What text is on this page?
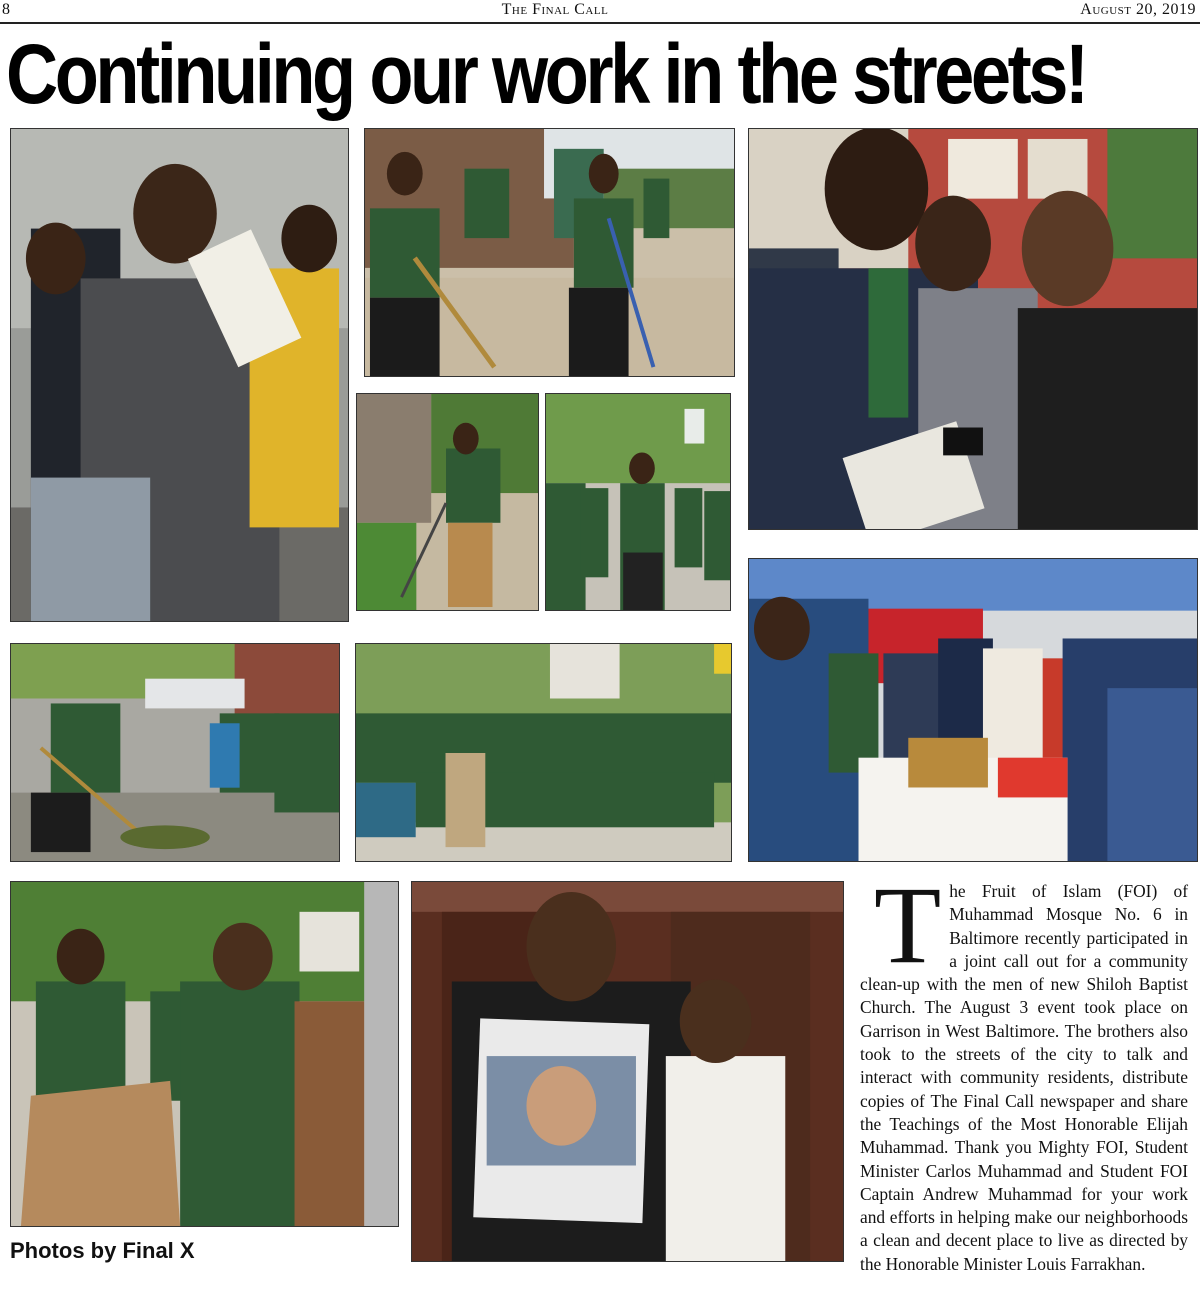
8	The Final Call	August 20, 2019
Continuing our work in the streets!
Photos by Final X
T he Fruit of Islam (FOI) of Muhammad Mosque No. 6 in Baltimore recently participated in a joint call out for a community clean-up with the men of new Shiloh Baptist Church. The August 3 event took place on Garrison in West Baltimore. The brothers also took to the streets of the city to talk and interact with community residents, distribute copies of The Final Call newspaper and share the Teachings of the Most Honorable Elijah Muhammad. Thank you Mighty FOI, Student Minister Carlos Muhammad and Student FOI Captain Andrew Muhammad for your work and efforts in helping make our neighborhoods a clean and decent place to live as directed by the Honorable Minister Louis Farrakhan.
